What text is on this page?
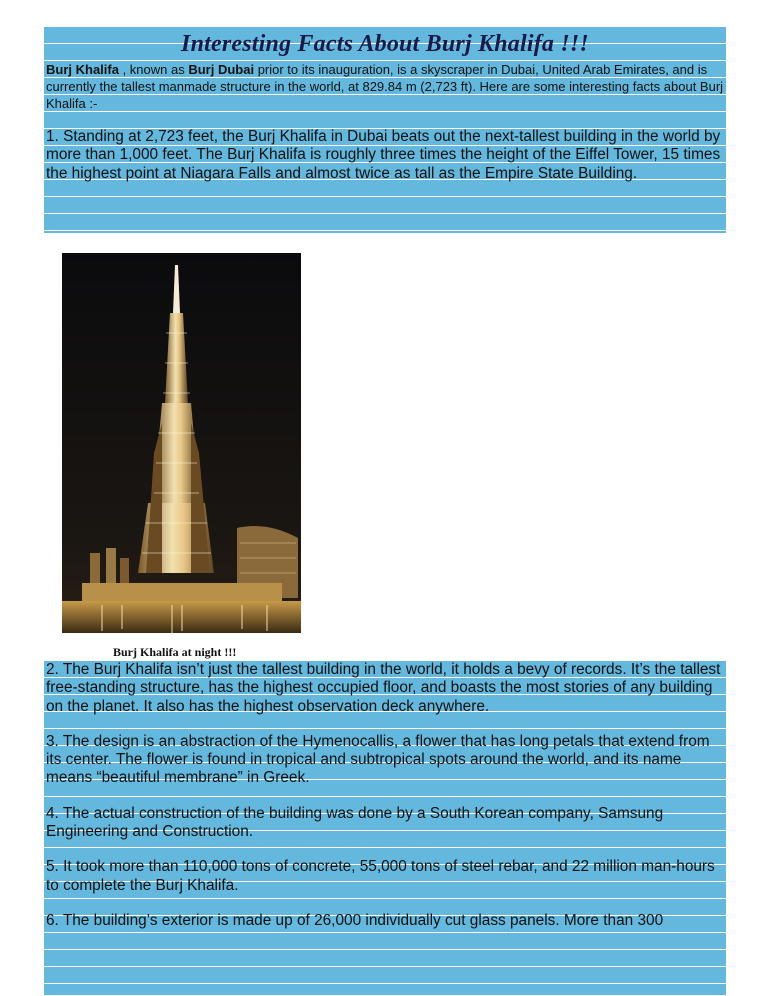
Interesting Facts About Burj Khalifa !!!

Burj Khalifa , known as Burj Dubai prior to its inauguration, is a skyscraper in Dubai, United Arab Emirates, and is currently the tallest manmade structure in the world, at 829.84 m (2,723 ft). Here are some interesting facts about Burj Khalifa :-

1. Standing at 2,723 feet, the Burj Khalifa in Dubai beats out the next-tallest building in the world by more than 1,000 feet. The Burj Khalifa is roughly three times the height of the Eiffel Tower, 15 times the highest point at Niagara Falls and almost twice as tall as the Empire State Building.

Burj Khalifa at night !!!

2. The Burj Khalifa isn’t just the tallest building in the world, it holds a bevy of records. It’s the tallest free-standing structure, has the highest occupied floor, and boasts the most stories of any building on the planet. It also has the highest observation deck anywhere.

3. The design is an abstraction of the Hymenocallis, a flower that has long petals that extend from its center. The flower is found in tropical and subtropical spots around the world, and its name means “beautiful membrane” in Greek.

4. The actual construction of the building was done by a South Korean company, Samsung Engineering and Construction.

5. It took more than 110,000 tons of concrete, 55,000 tons of steel rebar, and 22 million man-hours to complete the Burj Khalifa.

6. The building’s exterior is made up of 26,000 individually cut glass panels. More than 300
